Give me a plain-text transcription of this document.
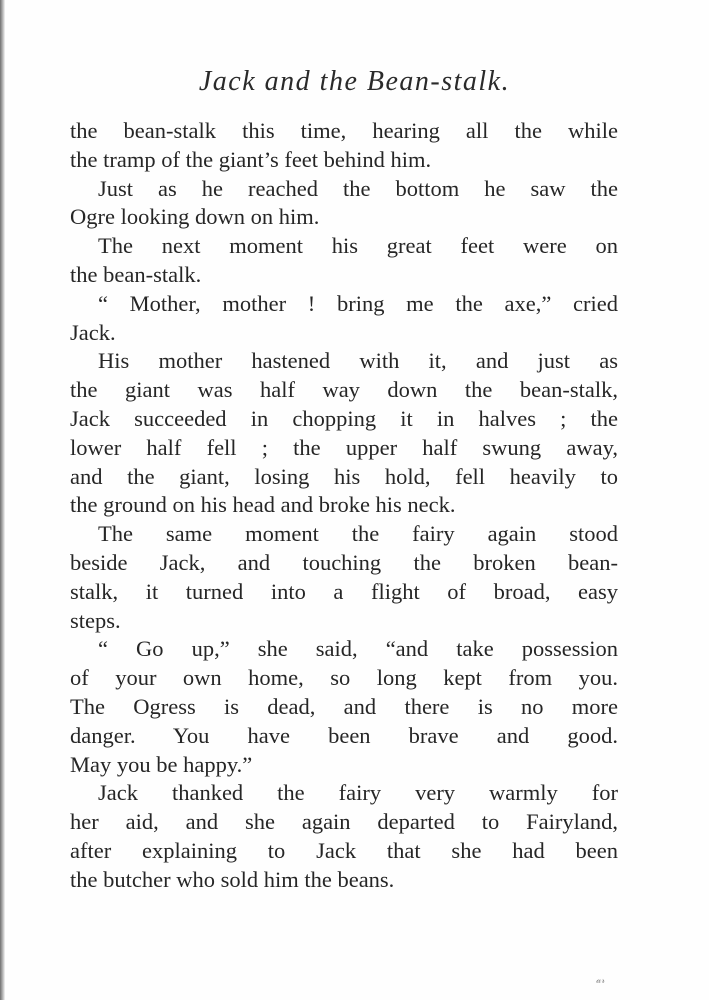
Jack and the Bean-stalk.
the bean-stalk this time, hearing all the while
the tramp of the giant’s feet behind him.
Just as he reached the bottom he saw the
Ogre looking down on him.
The next moment his great feet were on
the bean-stalk.
“ Mother, mother ! bring me the axe,” cried
Jack.
His mother hastened with it, and just as
the giant was half way down the bean-stalk,
Jack succeeded in chopping it in halves ; the
lower half fell ; the upper half swung away,
and the giant, losing his hold, fell heavily to
the ground on his head and broke his neck.
The same moment the fairy again stood
beside Jack, and touching the broken bean-
stalk, it turned into a flight of broad, easy
steps.
“ Go up,” she said, “and take possession
of your own home, so long kept from you.
The Ogress is dead, and there is no more
danger. You have been brave and good.
May you be happy.”
Jack thanked the fairy very warmly for
her aid, and she again departed to Fairyland,
after explaining to Jack that she had been
the butcher who sold him the beans.
𝒶𝓇
